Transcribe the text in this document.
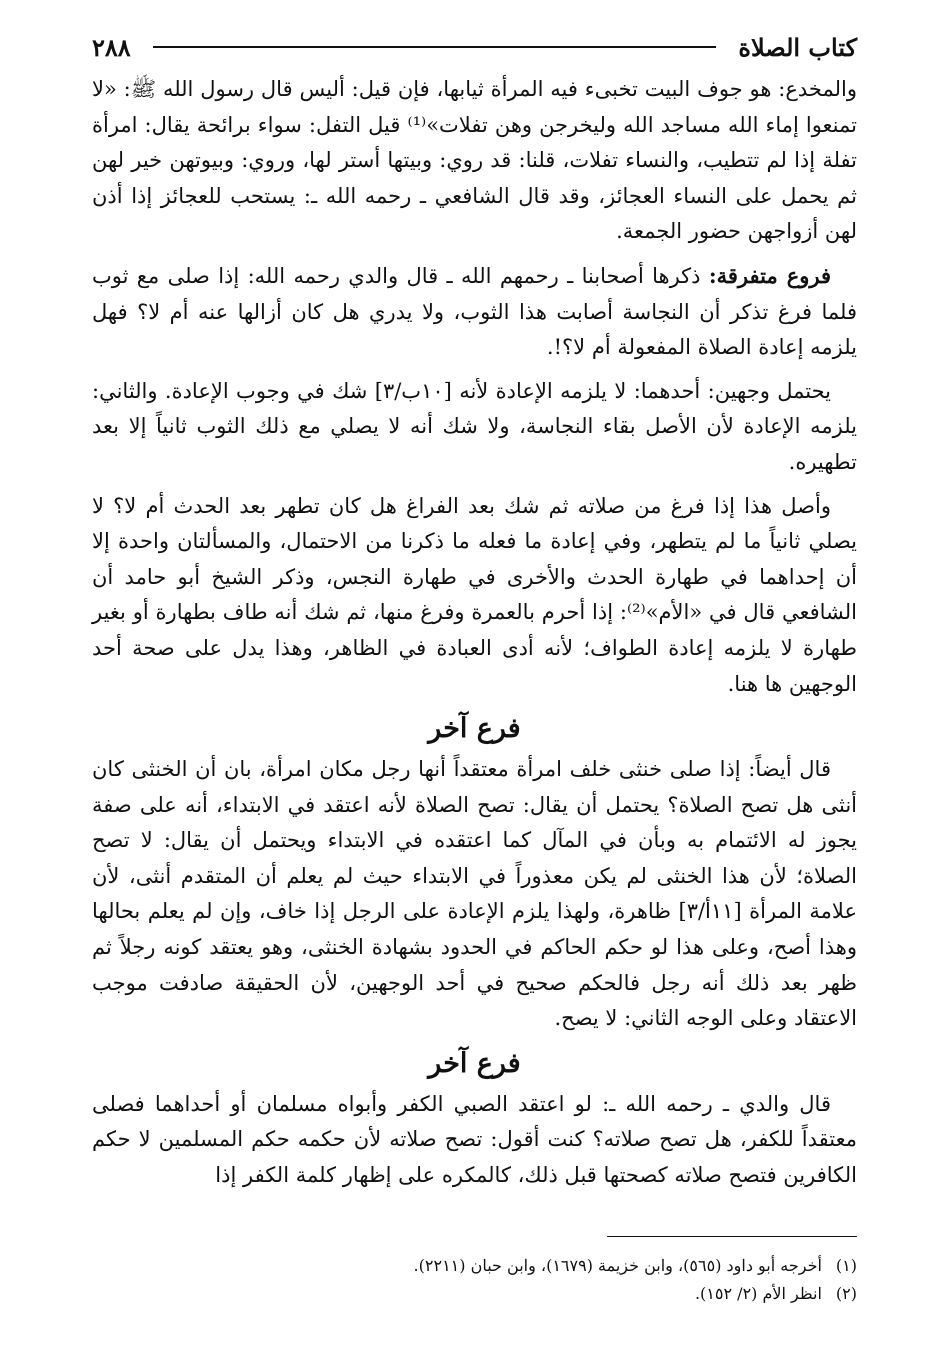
كتاب الصلاة
٢٨٨

والمخدع: هو جوف البيت تخبىء فيه المرأة ثيابها، فإن قيل: أليس قال رسول الله ﷺ: «لا تمنعوا إماء الله مساجد الله وليخرجن وهن تفلات»⁽¹⁾ قيل التفل: سواء برائحة يقال: امرأة تفلة إذا لم تتطيب، والنساء تفلات، قلنا: قد روي: وبيتها أستر لها، وروي: وبيوتهن خير لهن ثم يحمل على النساء العجائز، وقد قال الشافعي ـ رحمه الله ـ: يستحب للعجائز إذا أذن لهن أزواجهن حضور الجمعة.

فروع متفرقة: ذكرها أصحابنا ـ رحمهم الله ـ قال والدي رحمه الله: إذا صلى مع ثوب فلما فرغ تذكر أن النجاسة أصابت هذا الثوب، ولا يدري هل كان أزالها عنه أم لا؟ فهل يلزمه إعادة الصلاة المفعولة أم لا؟!.

يحتمل وجهين: أحدهما: لا يلزمه الإعادة لأنه [١٠ب/٣] شك في وجوب الإعادة. والثاني: يلزمه الإعادة لأن الأصل بقاء النجاسة، ولا شك أنه لا يصلي مع ذلك الثوب ثانياً إلا بعد تطهيره.

وأصل هذا إذا فرغ من صلاته ثم شك بعد الفراغ هل كان تطهر بعد الحدث أم لا؟ لا يصلي ثانياً ما لم يتطهر، وفي إعادة ما فعله ما ذكرنا من الاحتمال، والمسألتان واحدة إلا أن إحداهما في طهارة الحدث والأخرى في طهارة النجس، وذكر الشيخ أبو حامد أن الشافعي قال في «الأم»⁽²⁾: إذا أحرم بالعمرة وفرغ منها، ثم شك أنه طاف بطهارة أو بغير طهارة لا يلزمه إعادة الطواف؛ لأنه أدى العبادة في الظاهر، وهذا يدل على صحة أحد الوجهين ها هنا.

فرع آخر

قال أيضاً: إذا صلى خنثى خلف امرأة معتقداً أنها رجل مكان امرأة، بان أن الخنثى كان أنثى هل تصح الصلاة؟ يحتمل أن يقال: تصح الصلاة لأنه اعتقد في الابتداء، أنه على صفة يجوز له الائتمام به وبأن في المآل كما اعتقده في الابتداء ويحتمل أن يقال: لا تصح الصلاة؛ لأن هذا الخنثى لم يكن معذوراً في الابتداء حيث لم يعلم أن المتقدم أنثى، لأن علامة المرأة [١١أ/٣] ظاهرة، ولهذا يلزم الإعادة على الرجل إذا خاف، وإن لم يعلم بحالها وهذا أصح، وعلى هذا لو حكم الحاكم في الحدود بشهادة الخنثى، وهو يعتقد كونه رجلاً ثم ظهر بعد ذلك أنه رجل فالحكم صحيح في أحد الوجهين، لأن الحقيقة صادفت موجب الاعتقاد وعلى الوجه الثاني: لا يصح.

فرع آخر

قال والدي ـ رحمه الله ـ: لو اعتقد الصبي الكفر وأبواه مسلمان أو أحداهما فصلى معتقداً للكفر، هل تصح صلاته؟ كنت أقول: تصح صلاته لأن حكمه حكم المسلمين لا حكم الكافرين فتصح صلاته كصحتها قبل ذلك، كالمكره على إظهار كلمة الكفر إذا

(١)
أخرجه أبو داود (٥٦٥)، وابن خزيمة (١٦٧٩)، وابن حبان (٢٢١١).
(٢)
انظر الأم (٢/ ١٥٢).
